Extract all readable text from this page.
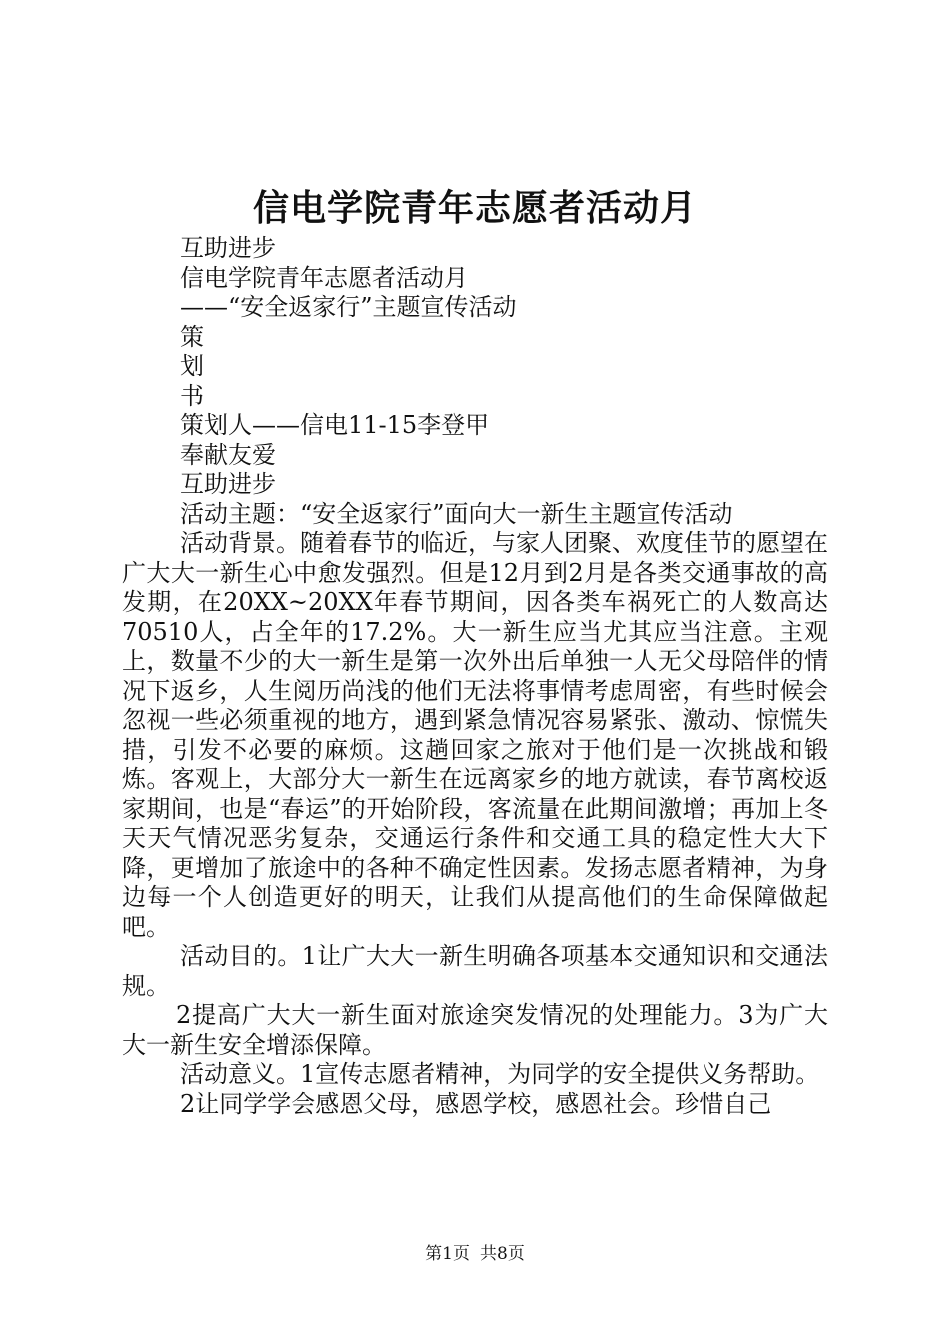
信电学院青年志愿者活动月

互助进步

信电学院青年志愿者活动月

——“安全返家行”主题宣传活动

策

划

书

策划人——信电11-15李登甲

奉献友爱

互助进步

活动主题：“安全返家行”面向大一新生主题宣传活动

活动背景。随着春节的临近，与家人团聚、欢度佳节的愿望在广大大一新生心中愈发强烈。但是12月到2月是各类交通事故的高发期，在20XX~20XX年春节期间，因各类车祸死亡的人数高达70510人，占全年的17.2%。大一新生应当尤其应当注意。主观上，数量不少的大一新生是第一次外出后单独一人无父母陪伴的情况下返乡，人生阅历尚浅的他们无法将事情考虑周密，有些时候会忽视一些必须重视的地方，遇到紧急情况容易紧张、激动、惊慌失措，引发不必要的麻烦。这趟回家之旅对于他们是一次挑战和锻炼。客观上，大部分大一新生在远离家乡的地方就读，春节离校返家期间，也是“春运”的开始阶段，客流量在此期间激增；再加上冬天天气情况恶劣复杂，交通运行条件和交通工具的稳定性大大下降，更增加了旅途中的各种不确定性因素。发扬志愿者精神，为身边每一个人创造更好的明天，让我们从提高他们的生命保障做起吧。

活动目的。1让广大大一新生明确各项基本交通知识和交通法规。

2提高广大大一新生面对旅途突发情况的处理能力。3为广大大一新生安全增添保障。

活动意义。1宣传志愿者精神，为同学的安全提供义务帮助。

2让同学学会感恩父母，感恩学校，感恩社会。珍惜自己

第1页 共8页
